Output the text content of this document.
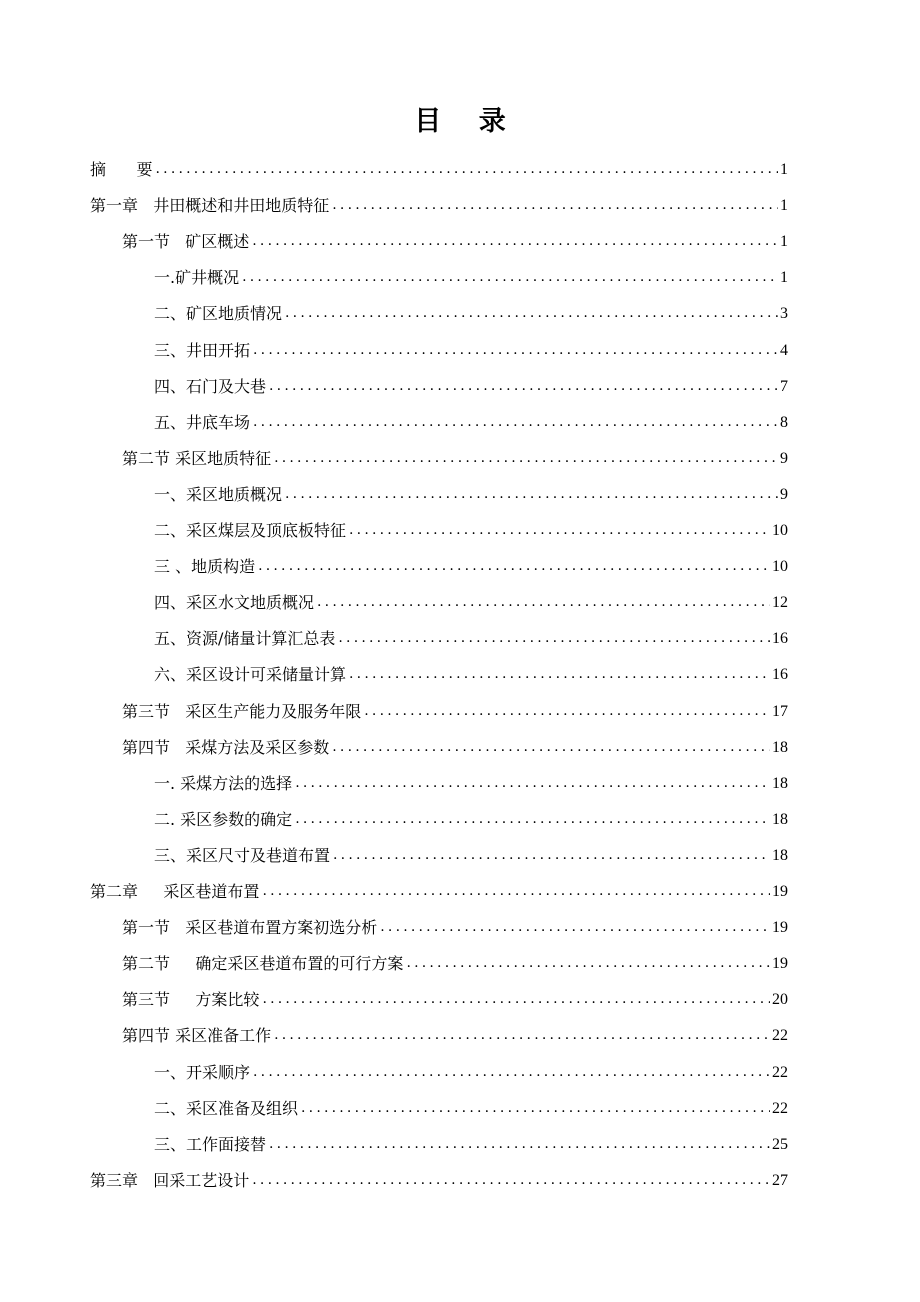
目 录
摘      要 .....	1
第一章   井田概述和井田地质特征 .....	1
第一节   矿区概述 .....	1
一.矿井概况 .....	1
二、矿区地质情况 .....	3
三、井田开拓 .....	4
四、石门及大巷 .....	7
五、井底车场 .....	8
第二节 采区地质特征 .....	9
一、采区地质概况 .....	9
二、采区煤层及顶底板特征 .....	10
三 、地质构造 .....	10
四、采区水文地质概况 .....	12
五、资源/储量计算汇总表 .....	16
六、采区设计可采储量计算 .....	16
第三节   采区生产能力及服务年限 .....	17
第四节   采煤方法及采区参数 .....	18
一. 采煤方法的选择 .....	18
二. 采区参数的确定 .....	18
三、采区尺寸及巷道布置 .....	18
第二章     采区巷道布置 .....	19
第一节   采区巷道布置方案初选分析 .....	19
第二节     确定采区巷道布置的可行方案 .....	19
第三节     方案比较 .....	20
第四节 采区准备工作 .....	22
一、开采顺序 .....	22
二、采区准备及组织 .....	22
三、工作面接替 .....	25
第三章   回采工艺设计 .....	27
